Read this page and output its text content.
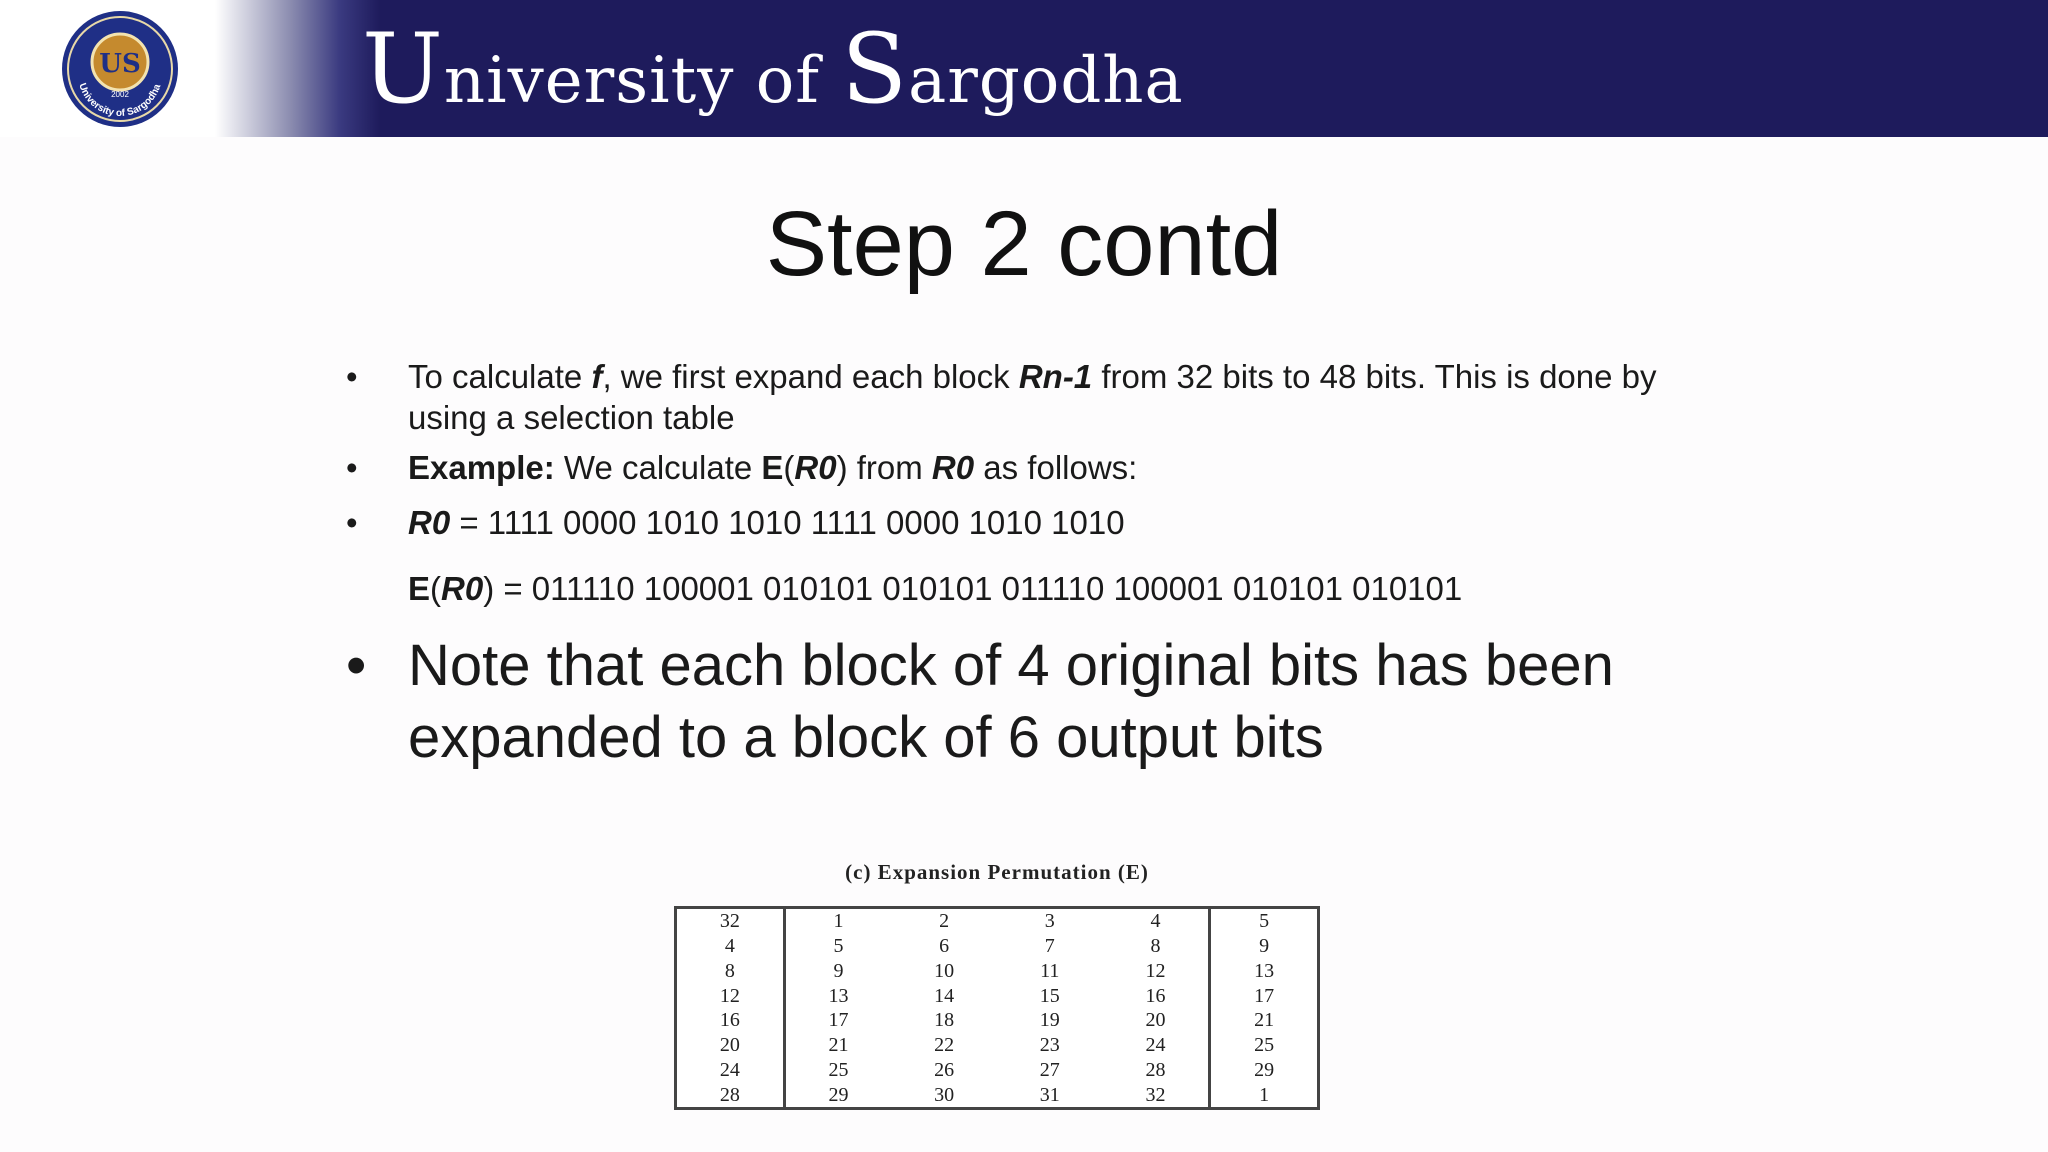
US
2002
University of Sargodha University of Sargodha
Step 2 contd
• To calculate f, we first expand each block Rn-1 from 32 bits to 48 bits. This is done by
using a selection table
• Example: We calculate E(R0) from R0 as follows:
• R0 = 1111 0000 1010 1010 1111 0000 1010 1010
E(R0) = 011110 100001 010101 010101 011110 100001 010101 010101
• Note that each block of 4 original bits has been
expanded to a block of 6 output bits
(c) Expansion Permutation (E)
32	1	2	3	4	5
4	5	6	7	8	9
8	9	10	11	12	13
12	13	14	15	16	17
16	17	18	19	20	21
20	21	22	23	24	25
24	25	26	27	28	29
28	29	30	31	32	1
